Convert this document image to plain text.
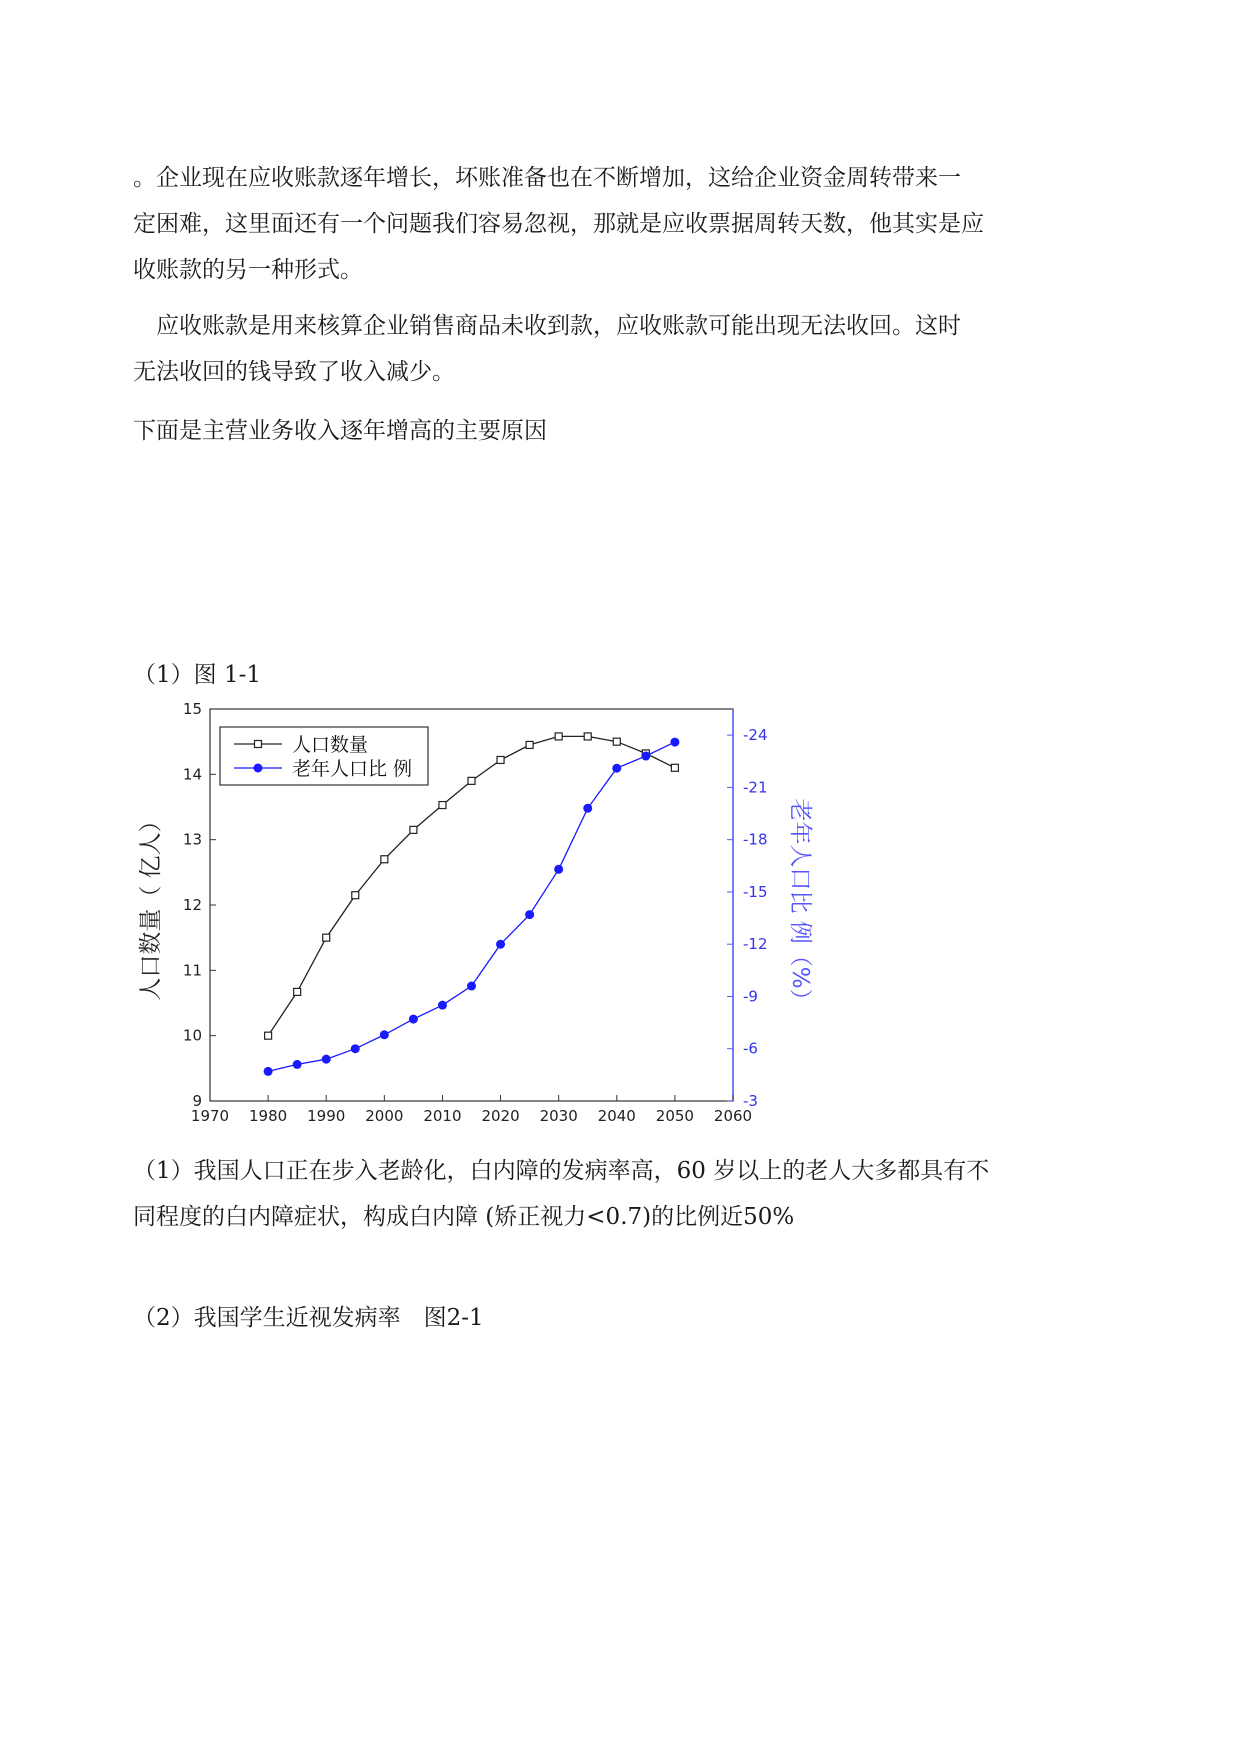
。企业现在应收账款逐年增长，坏账准备也在不断增加，这给企业资金周转带来一
定困难，这里面还有一个问题我们容易忽视，那就是应收票据周转天数，他其实是应
收账款的另一种形式。
　应收账款是用来核算企业销售商品未收到款，应收账款可能出现无法收回。这时
无法收回的钱导致了收入减少。
下面是主营业务收入逐年增高的主要原因
（1）图 1-1
1970 1980 1990 2000 2010 2020 2030 2040 2050 2060
9
10
11
12
13
14
15
-3
-6
-9
-12
-15
-18
-21
-24
人口数量（ 亿人）	老年人口比 例（%）
人口数量
老年人口比 例
（1）我国人口正在步入老龄化，白内障的发病率高，60 岁以上的老人大多都具有不
同程度的白内障症状，构成白内障 (矫正视力<0.7)的比例近50%
（2）我国学生近视发病率　图2-1
